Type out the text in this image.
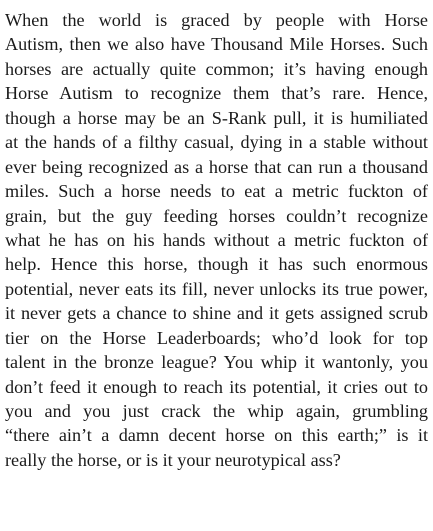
When the world is graced by people with Horse
Autism, then we also have Thousand Mile Horses. Such
horses are actually quite common; it’s having enough
Horse Autism to recognize them that’s rare. Hence,
though a horse may be an S-Rank pull, it is humiliated
at the hands of a filthy casual, dying in a stable without
ever being recognized as a horse that can run a thousand
miles. Such a horse needs to eat a metric fuckton of
grain, but the guy feeding horses couldn’t recognize
what he has on his hands without a metric fuckton of
help. Hence this horse, though it has such enormous
potential, never eats its fill, never unlocks its true power,
it never gets a chance to shine and it gets assigned scrub
tier on the Horse Leaderboards; who’d look for top
talent in the bronze league? You whip it wantonly, you
don’t feed it enough to reach its potential, it cries out to
you and you just crack the whip again, grumbling
“there ain’t a damn decent horse on this earth;” is it
really the horse, or is it your neurotypical ass?
